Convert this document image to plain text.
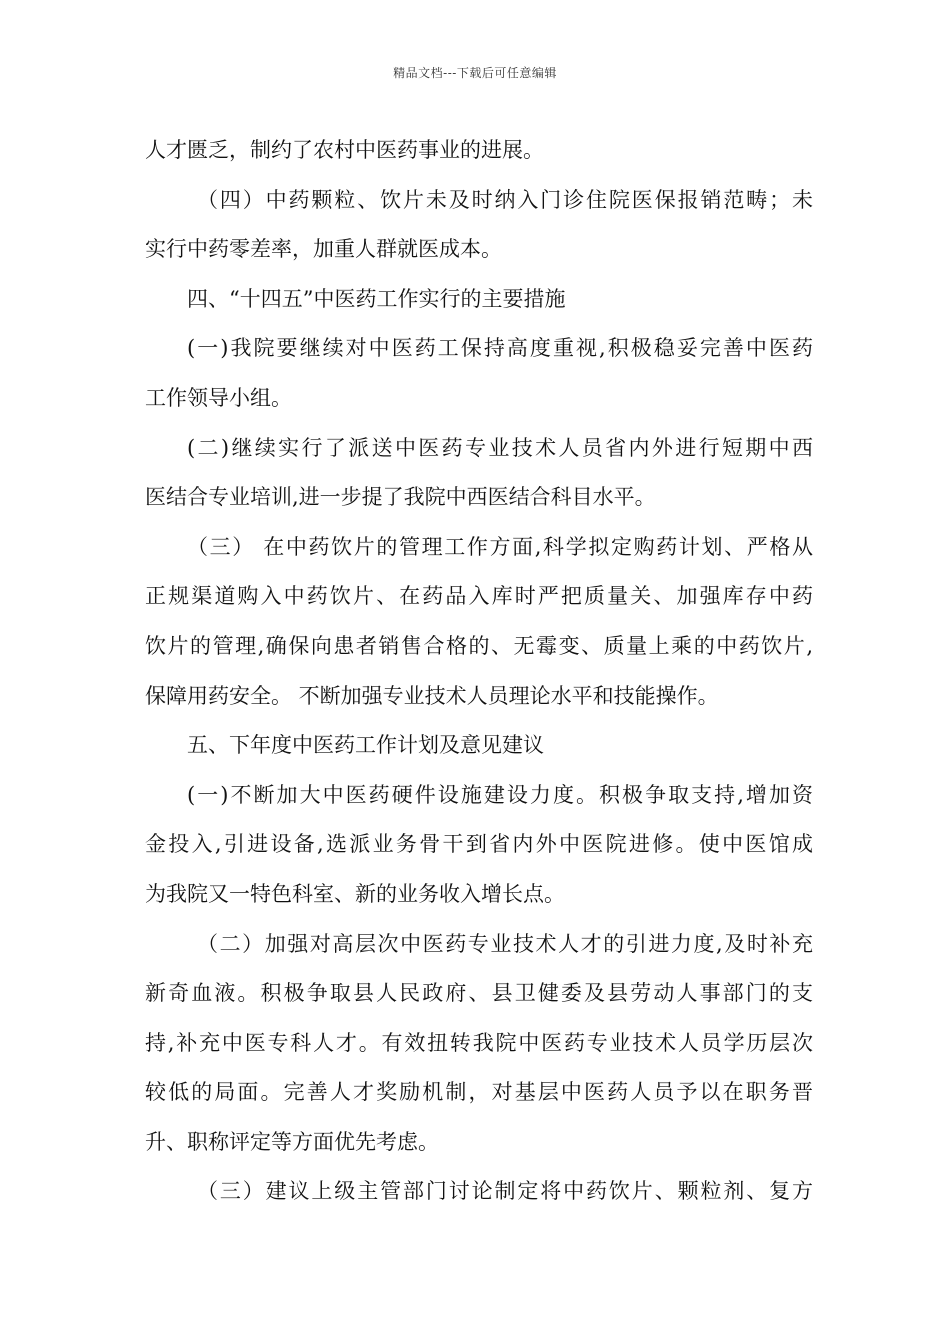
精品文档---下载后可任意编辑
人才匮乏，制约了农村中医药事业的进展。
（四）中药颗粒、饮片未及时纳入门诊住院医保报销范畴；未
实行中药零差率，加重人群就医成本。
四、“十四五”中医药工作实行的主要措施
(一)我院要继续对中医药工保持高度重视,积极稳妥完善中医药
工作领导小组。
(二)继续实行了派送中医药专业技术人员省内外进行短期中西
医结合专业培训,进一步提了我院中西医结合科目水平。
（三） 在中药饮片的管理工作方面,科学拟定购药计划、严格从
正规渠道购入中药饮片、在药品入库时严把质量关、加强库存中药
饮片的管理,确保向患者销售合格的、无霉变、质量上乘的中药饮片,
保障用药安全。 不断加强专业技术人员理论水平和技能操作。
五、下年度中医药工作计划及意见建议
(一)不断加大中医药硬件设施建设力度。积极争取支持,增加资
金投入,引进设备,选派业务骨干到省内外中医院进修。使中医馆成
为我院又一特色科室、新的业务收入增长点。
（二）加强对高层次中医药专业技术人才的引进力度,及时补充
新奇血液。积极争取县人民政府、县卫健委及县劳动人事部门的支
持,补充中医专科人才。有效扭转我院中医药专业技术人员学历层次
较低的局面。完善人才奖励机制，对基层中医药人员予以在职务晋
升、职称评定等方面优先考虑。
（三）建议上级主管部门讨论制定将中药饮片、颗粒剂、复方
